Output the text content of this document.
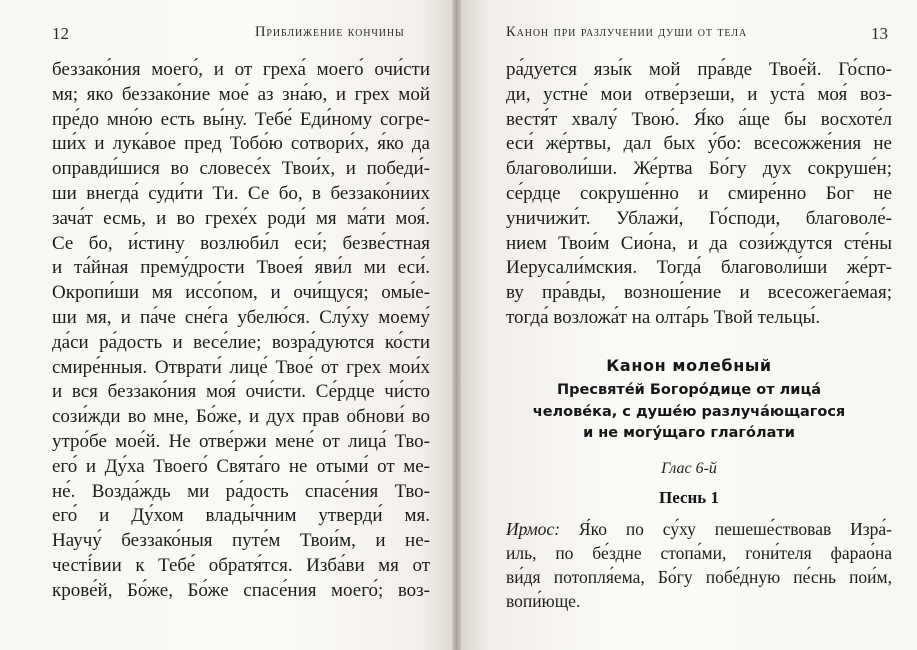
12	Приближение кончины
беззако́ния моего́, и от греха́ моего́ очи́сти
мя; яко беззако́ние мое́ аз зна́ю, и грех мой
пре́до мно́ю есть вы́ну. Тебе́ Еди́ному согре-
ши́х и лука́вое пред Тобо́ю сотвори́х, я́ко да
оправди́шися во словесе́х Твои́х, и победи́-
ши внегда́ суди́ти Ти. Се бо, в беззако́ниих
зача́т есмь, и во грехе́х роди́ мя ма́ти моя́.
Се бо, и́стину возлюби́л еси́; безве́стная
и та́йная прему́дрости Твоея́ яви́л ми еси́.
Окропи́ши мя иссо́пом, и очи́щуся; омы́е-
ши мя, и па́че сне́га убелю́ся. Слу́ху моему́
да́си ра́дость и весе́лие; возра́дуются ко́сти
смире́нныя. Отврати́ лице́ Твое́ от грех мои́х
и вся беззако́ния моя́ очи́сти. Се́рдце чи́сто
сози́жди во мне, Бо́же, и дух прав обнови́ во
утро́бе мое́й. Не отве́ржи мене́ от лица́ Тво-
его́ и Ду́ха Твоего́ Свята́го не отыми́ от ме-
не́. Возда́ждь ми ра́дость спасе́ния Тво-
его́ и Ду́хом влады́чним утверди́ мя.
Научу́ беззако́ныя путе́м Твои́м, и не-
честі́вии к Тебе́ обратя́тся. Изба́ви мя от
крове́й, Бо́же, Бо́же спасе́ния моего́; воз-
Канон при разлучении души от тела	13
ра́дуется язы́к мой пра́вде Твое́й. Го́спо-
ди, устне́ мои отве́рзеши, и уста́ моя́ воз-
вестя́т хвалу́ Твою́. Я́ко а́ще бы восхоте́л
еси́ же́ртвы, дал бых у́бо: всесожже́ния не
благоволи́ши. Же́ртва Бо́гу дух сокруше́н;
се́рдце сокруше́нно и смире́нно Бог не
уничижи́т. Ублажи́, Го́споди, благоволе́-
нием Твои́м Сио́на, и да сози́ждутся сте́ны
Иерусали́мския. Тогда́ благоволи́ши же́рт-
ву пра́вды, вознош́ение и всесожега́емая;
тогда́ возложа́т на олта́рь Твой тельцы́.
Канон молебный
Пресвяте́й Богоро́дице от лица́
челове́ка, с душе́ю разлуча́ющагося
и не могу́щаго глаго́лати
Глас 6-й
Песнь 1
Ирмос: Я́ко по су́ху пешеше́ствовав Изра́-
иль, по бе́здне стопа́ми, гони́теля фарао́на
ви́дя потопля́ема, Бо́гу побе́дную пе́снь пои́м,
вопи́юще.
